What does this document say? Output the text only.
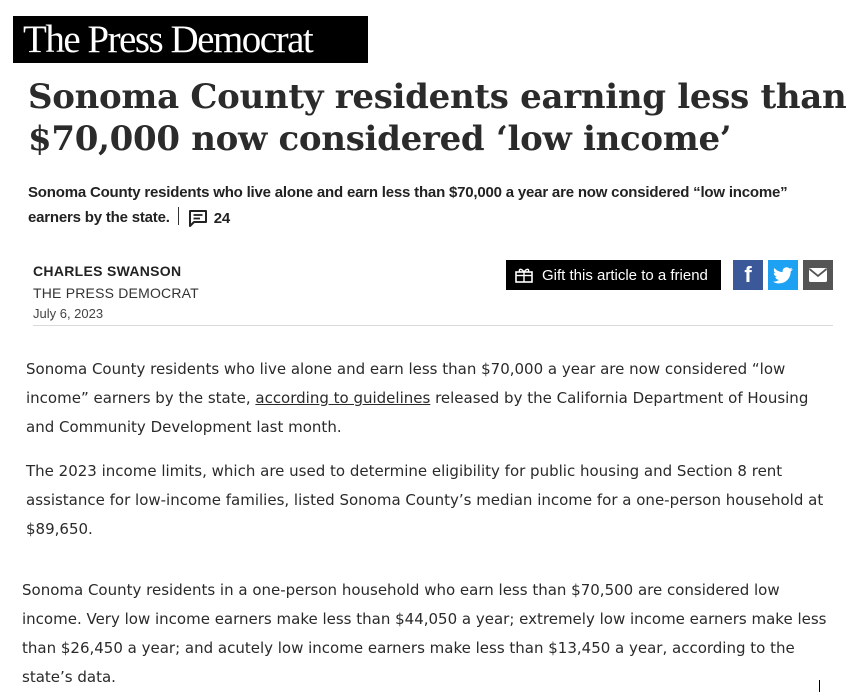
The Press Democrat
Sonoma County residents earning less than $70,000 now considered ‘low income’
Sonoma County residents who live alone and earn less than $70,000 a year are now considered “low income” earners by the state.	24
CHARLES SWANSON
THE PRESS DEMOCRAT
July 6, 2023
Gift this article to a friend f

Sonoma County residents who live alone and earn less than $70,000 a year are now considered “low income” earners by the state, according to guidelines released by the California Department of Housing and Community Development last month.

The 2023 income limits, which are used to determine eligibility for public housing and Section 8 rent assistance for low-income families, listed Sonoma County’s median income for a one-person household at $89,650.

Sonoma County residents in a one-person household who earn less than $70,500 are considered low income. Very low income earners make less than $44,050 a year; extremely low income earners make less than $26,450 a year; and acutely low income earners make less than $13,450 a year, according to the state’s data.
